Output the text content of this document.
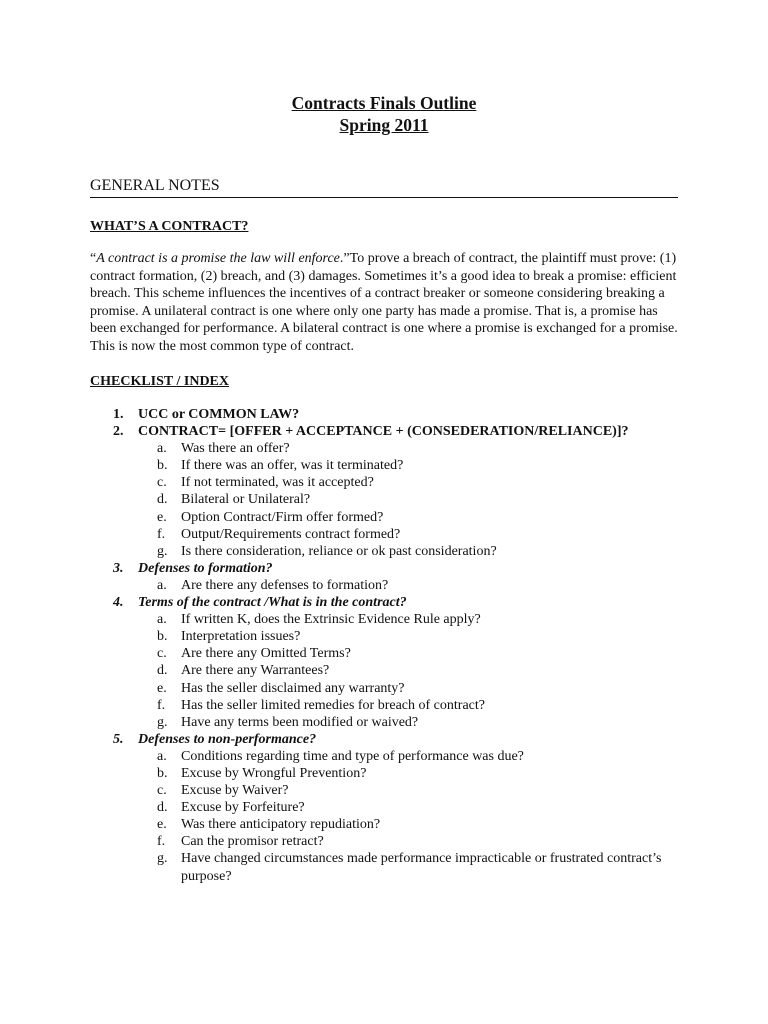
Contracts Finals Outline
Spring 2011
GENERAL NOTES
WHAT’S A CONTRACT?

“A contract is a promise the law will enforce.”To prove a breach of contract, the plaintiff must prove: (1) contract formation, (2) breach, and (3) damages. Sometimes it’s a good idea to break a promise: efficient breach. This scheme influences the incentives of a contract breaker or someone considering breaking a promise. A unilateral contract is one where only one party has made a promise. That is, a promise has been exchanged for performance. A bilateral contract is one where a promise is exchanged for a promise. This is now the most common type of contract.

CHECKLIST / INDEX
1.	UCC or COMMON LAW?
2.	CONTRACT= [OFFER + ACCEPTANCE + (CONSEDERATION/RELIANCE)]?
a.	Was there an offer?
b. If there was an offer, was it terminated?
c.	If not terminated, was it accepted?
d. Bilateral or Unilateral?
e.	Option Contract/Firm offer formed?
f.	Output/Requirements contract formed?
g. Is there consideration, reliance or ok past consideration?
3.	Defenses to formation?
a.	Are there any defenses to formation?
4.	Terms of the contract /What is in the contract?
a.	If written K, does the Extrinsic Evidence Rule apply?
b. Interpretation issues?
c.	Are there any Omitted Terms?
d. Are there any Warrantees?
e.	Has the seller disclaimed any warranty?
f.	Has the seller limited remedies for breach of contract?
g. Have any terms been modified or waived?
5.	Defenses to non-performance?
a.	Conditions regarding time and type of performance was due?
b. Excuse by Wrongful Prevention?
c.	Excuse by Waiver?
d. Excuse by Forfeiture?
e.	Was there anticipatory repudiation?
f.	Can the promisor retract?
g. Have changed circumstances made performance impracticable or frustrated contract’s purpose?
